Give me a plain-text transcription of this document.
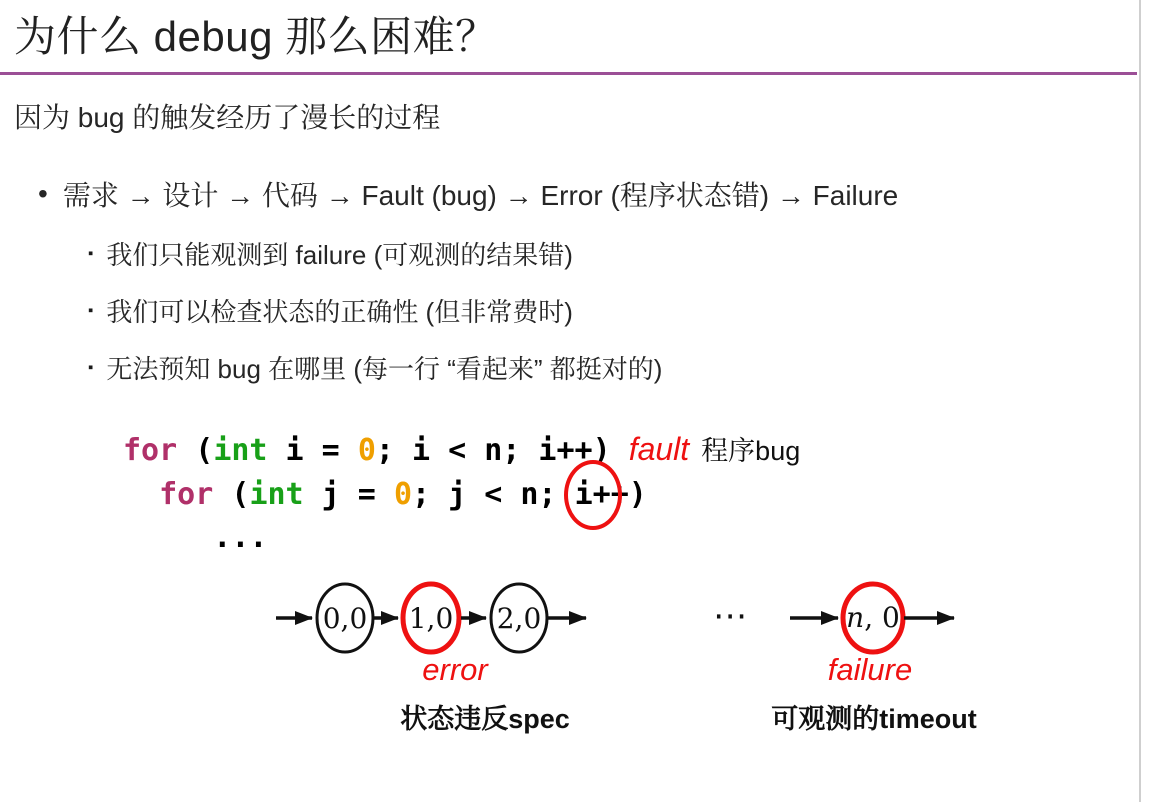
为什么 debug 那么困难？
因为 bug 的触发经历了漫长的过程
• 需求 → 设计 → 代码 → Fault (bug) → Error (程序状态错) → Failure
▪ 我们只能观测到 failure (可观测的结果错)
▪ 我们可以检查状态的正确性 (但非常费时)
▪ 无法预知 bug 在哪里 (每一行 “看起来” 都挺对的)
for (int i = 0; i < n; i++) fault 程序bug
for (int j = 0; j < n; i++)
...
0,0 1,0 2,0	⋯	n, 0
error	failure
状态违反spec	可观测的timeout
